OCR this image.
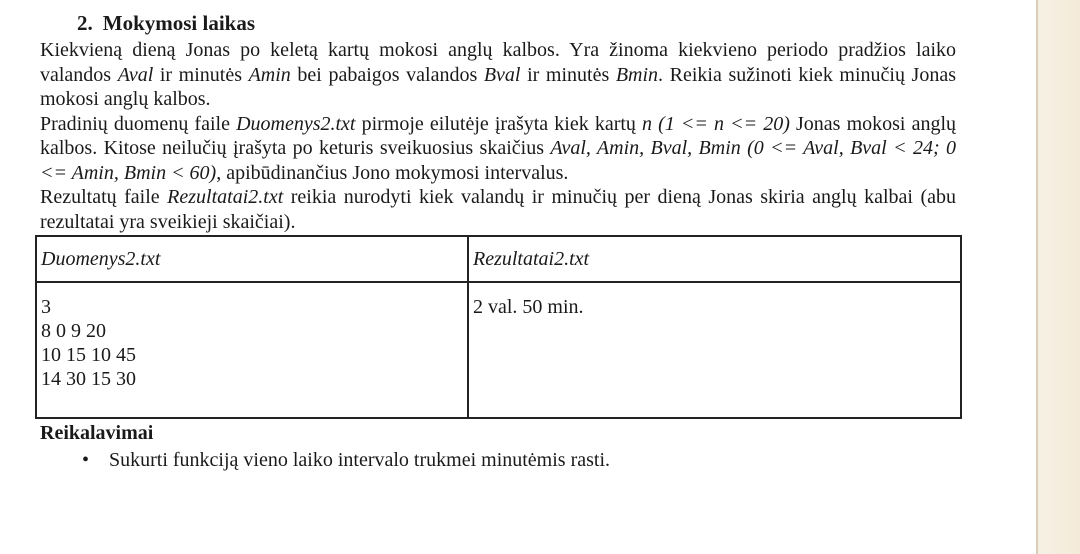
2. Mokymosi laikas

Kiekvieną dieną Jonas po keletą kartų mokosi anglų kalbos. Yra žinoma kiekvieno periodo pradžios laiko valandos Aval ir minutės Amin bei pabaigos valandos Bval ir minutės Bmin. Reikia sužinoti kiek minučių Jonas mokosi anglų kalbos.

Pradinių duomenų faile Duomenys2.txt pirmoje eilutėje įrašyta kiek kartų n (1 <= n <= 20) Jonas mokosi anglų kalbos. Kitose neilučių įrašyta po keturis sveikuosius skaičius Aval, Amin, Bval, Bmin (0 <= Aval, Bval < 24; 0 <= Amin, Bmin < 60), apibūdinančius Jono mokymosi intervalus.

Rezultatų faile Rezultatai2.txt reikia nurodyti kiek valandų ir minučių per dieną Jonas skiria anglų kalbai (abu rezultatai yra sveikieji skaičiai).

Duomenys2.txt	Rezultatai2.txt

3
8 0 9 20
10 15 10 45
14 30 15 30	2 val. 50 min.
Reikalavimai
• Sukurti funkciją vieno laiko intervalo trukmei minutėmis rasti.
